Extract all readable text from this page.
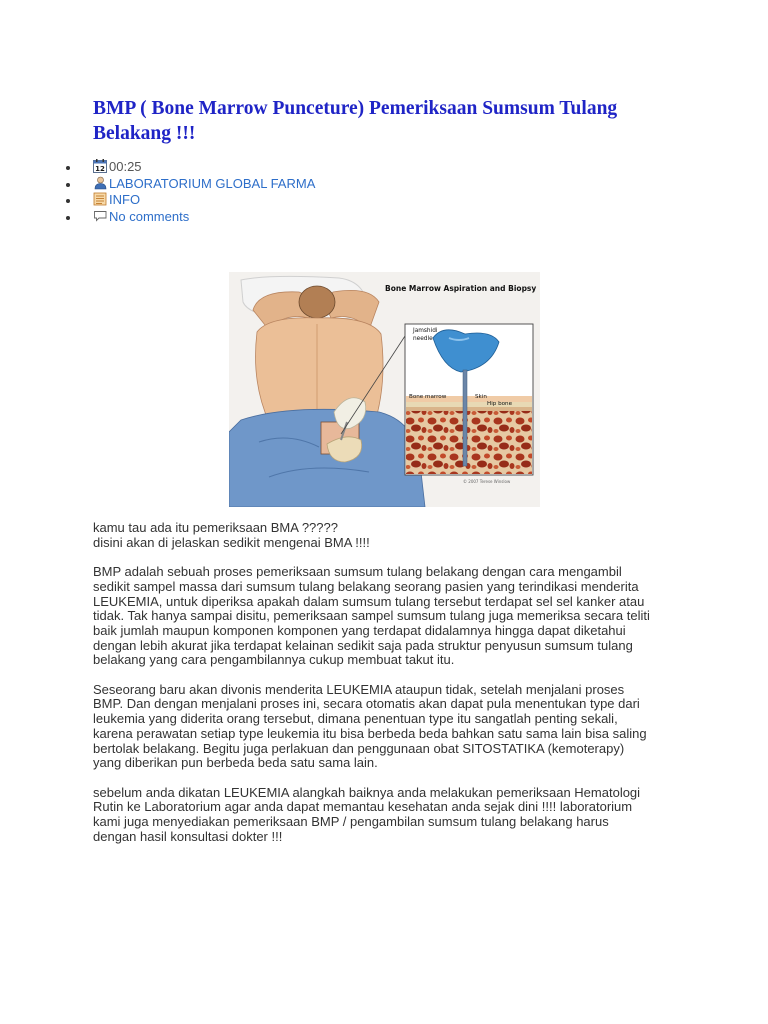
BMP ( Bone Marrow Punceture) Pemeriksaan Sumsum Tulang Belakang !!!
12 00:25
LABORATORIUM GLOBAL FARMA
INFO
No comments
Bone Marrow Aspiration and Biopsy
Jamshidi
needle
Bone marrow	Skin
Hip bone
© 2007 Terese Winslow

kamu tau ada itu pemeriksaan BMA ?????
disini akan di jelaskan sedikit mengenai BMA !!!!

BMP adalah sebuah proses pemeriksaan sumsum tulang belakang dengan cara mengambil
sedikit sampel massa dari sumsum tulang belakang seorang pasien yang terindikasi menderita
LEUKEMIA, untuk diperiksa apakah dalam sumsum tulang tersebut terdapat sel sel kanker atau
tidak. Tak hanya sampai disitu, pemeriksaan sampel sumsum tulang juga memeriksa secara teliti
baik jumlah maupun komponen komponen yang terdapat didalamnya hingga dapat diketahui
dengan lebih akurat jika terdapat kelainan sedikit saja pada struktur penyusun sumsum tulang
belakang yang cara pengambilannya cukup membuat takut itu.

Seseorang baru akan divonis menderita LEUKEMIA ataupun tidak, setelah menjalani proses
BMP. Dan dengan menjalani proses ini, secara otomatis akan dapat pula menentukan type dari
leukemia yang diderita orang tersebut, dimana penentuan type itu sangatlah penting sekali,
karena perawatan setiap type leukemia itu bisa berbeda beda bahkan satu sama lain bisa saling
bertolak belakang. Begitu juga perlakuan dan penggunaan obat SITOSTATIKA (kemoterapy)
yang diberikan pun berbeda beda satu sama lain.

sebelum anda dikatan LEUKEMIA alangkah baiknya anda melakukan pemeriksaan Hematologi
Rutin ke Laboratorium agar anda dapat memantau kesehatan anda sejak dini !!!! laboratorium
kami juga menyediakan pemeriksaan BMP / pengambilan sumsum tulang belakang harus
dengan hasil konsultasi dokter !!!
